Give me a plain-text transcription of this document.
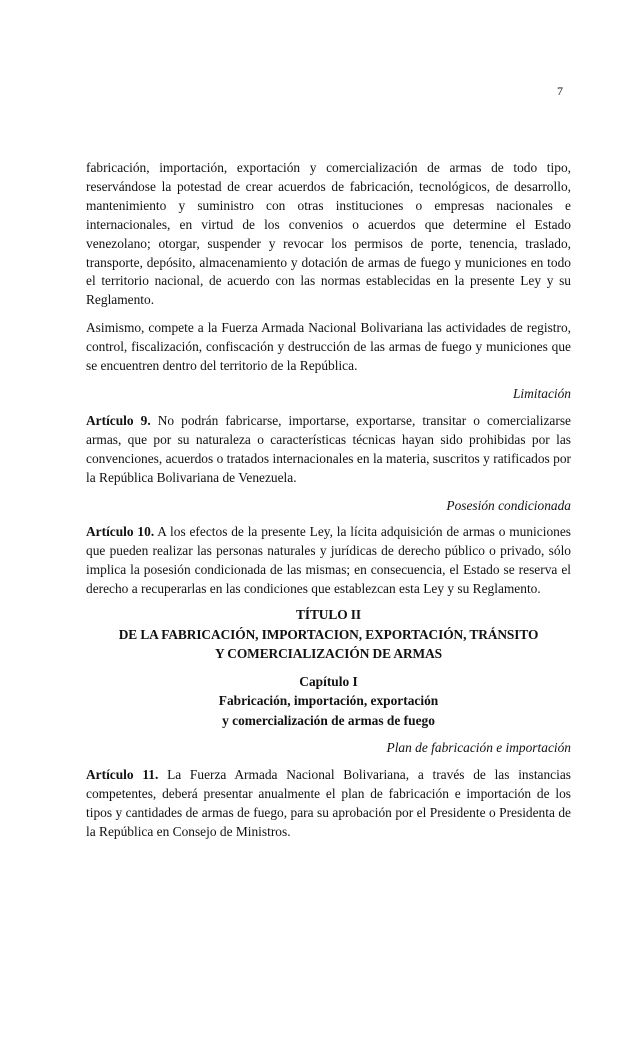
7

fabricación, importación, exportación y comercialización de armas de todo tipo, reservándose la potestad de crear acuerdos de fabricación, tecnológicos, de desarrollo, mantenimiento y suministro con otras instituciones o empresas nacionales e internacionales, en virtud de los convenios o acuerdos que determine el Estado venezolano; otorgar, suspender y revocar los permisos de porte, tenencia, traslado, transporte, depósito, almacenamiento y dotación de armas de fuego y municiones en todo el territorio nacional, de acuerdo con las normas establecidas en la presente Ley y su Reglamento.

Asimismo, compete a la Fuerza Armada Nacional Bolivariana las actividades de registro, control, fiscalización, confiscación y destrucción de las armas de fuego y municiones que se encuentren dentro del territorio de la República.

Limitación

Artículo 9. No podrán fabricarse, importarse, exportarse, transitar o comercializarse armas, que por su naturaleza o características técnicas hayan sido prohibidas por las convenciones, acuerdos o tratados internacionales en la materia, suscritos y ratificados por la República Bolivariana de Venezuela.

Posesión condicionada

Artículo 10. A los efectos de la presente Ley, la lícita adquisición de armas o municiones que pueden realizar las personas naturales y jurídicas de derecho público o privado, sólo implica la posesión condicionada de las mismas; en consecuencia, el Estado se reserva el derecho a recuperarlas en las condiciones que establezcan esta Ley y su Reglamento.

TÍTULO II
DE LA FABRICACIÓN, IMPORTACION, EXPORTACIÓN, TRÁNSITO
Y COMERCIALIZACIÓN DE ARMAS
Capítulo I
Fabricación, importación, exportación
y comercialización de armas de fuego
Plan de fabricación e importación

Artículo 11. La Fuerza Armada Nacional Bolivariana, a través de las instancias competentes, deberá presentar anualmente el plan de fabricación e importación de los tipos y cantidades de armas de fuego, para su aprobación por el Presidente o Presidenta de la República en Consejo de Ministros.
